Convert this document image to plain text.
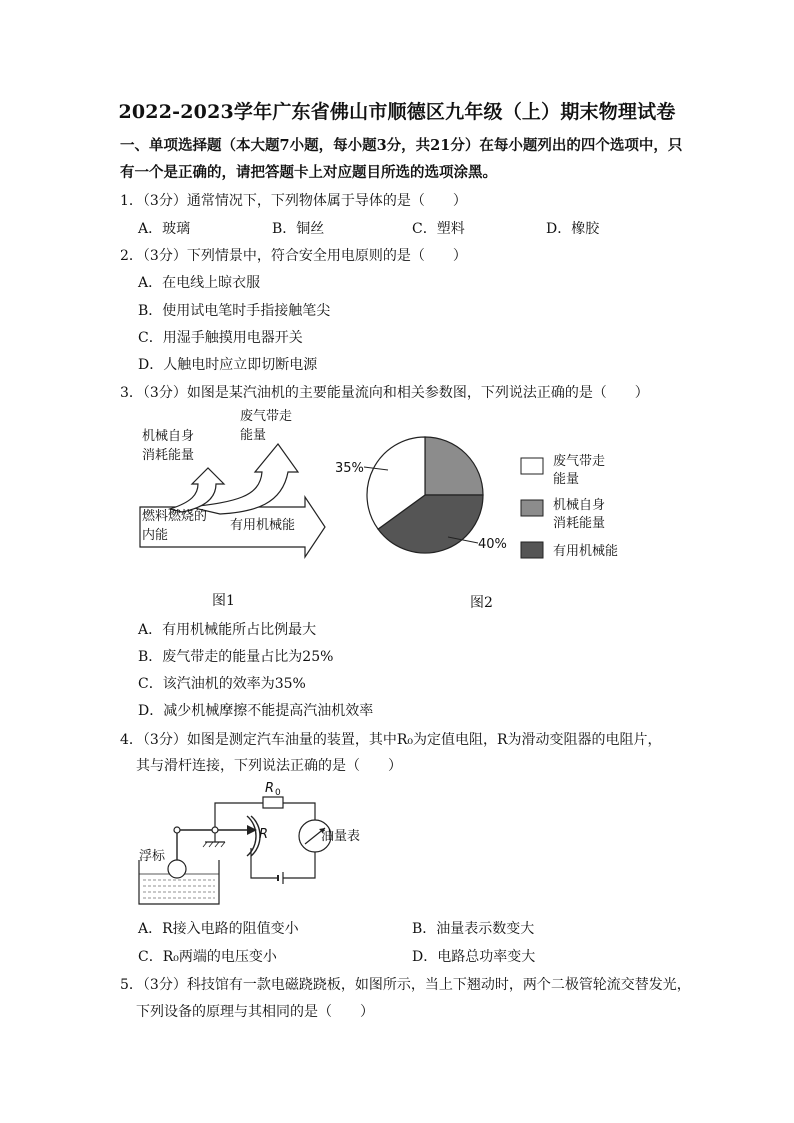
2022-2023学年广东省佛山市顺德区九年级（上）期末物理试卷
一、单项选择题（本大题7小题，每小题3分，共21分）在每小题列出的四个选项中，只
有一个是正确的，请把答题卡上对应题目所选的选项涂黑。
1．（3分）通常情况下，下列物体属于导体的是（　　）
A．玻璃	B．铜丝	C．塑料	D．橡胶
2．（3分）下列情景中，符合安全用电原则的是（　　）
A．在电线上晾衣服
B．使用试电笔时手指接触笔尖
C．用湿手触摸用电器开关
D．人触电时应立即切断电源
3．（3分）如图是某汽油机的主要能量流向和相关参数图，下列说法正确的是（　　）
废气带走
能量
机械自身
消耗能量
燃料燃烧的
内能
有用机械能
图1
35%
40%
废气带走
能量
机械自身
消耗能量
有用机械能
图2
A．有用机械能所占比例最大
B．废气带走的能量占比为25%
C．该汽油机的效率为35%
D．减少机械摩擦不能提高汽油机效率
4．（3分）如图是测定汽车油量的装置，其中R₀为定值电阻，R为滑动变阻器的电阻片，
其与滑杆连接，下列说法正确的是（　　）
R 0
油量表
R
浮标
A．R接入电路的阻值变小	B．油量表示数变大
C．R₀两端的电压变小	D．电路总功率变大
5．（3分）科技馆有一款电磁跷跷板，如图所示，当上下翘动时，两个二极管轮流交替发光，
下列设备的原理与其相同的是（　　）
